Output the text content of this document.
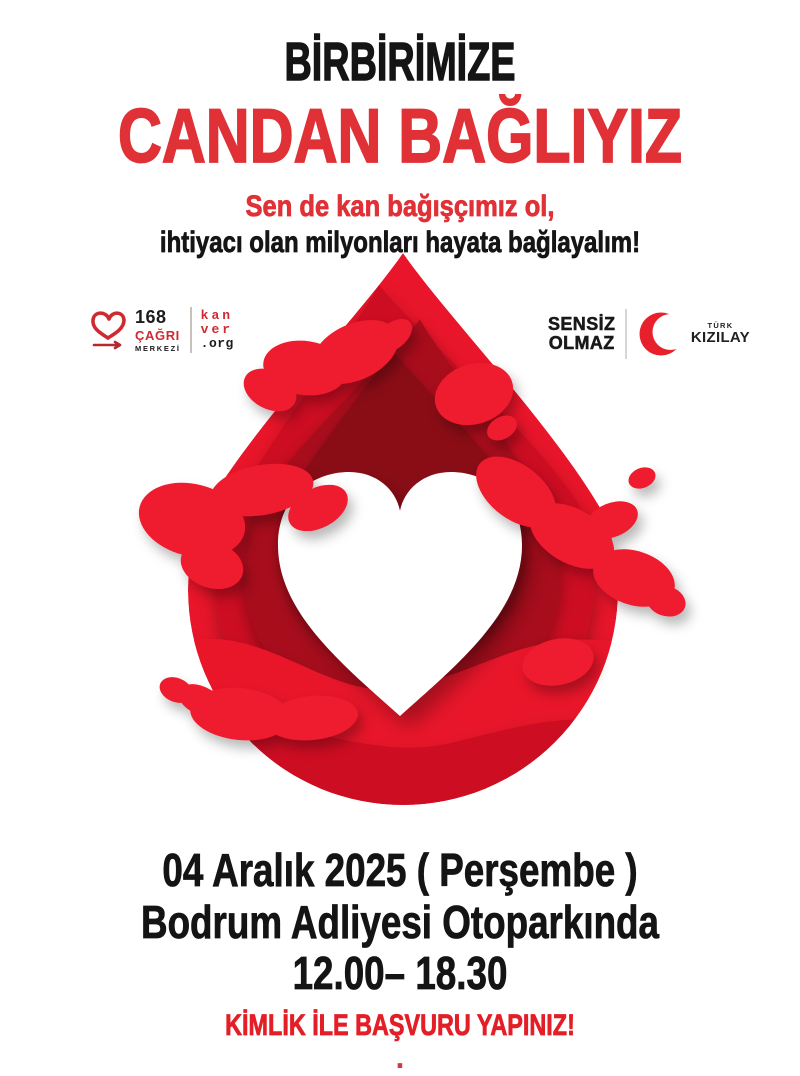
BİRBİRİMİZE
CANDAN BAĞLIYIZ
Sen de kan bağışçımız ol,
ihtiyacı olan milyonları hayata bağlayalım!
168
ÇAĞRI
MERKEZİ
kan
ver
.org
SENSİZ
OLMAZ
TÜRK
KIZILAY
04 Aralık 2025 ( Perşembe )
Bodrum Adliyesi Otoparkında
12.00– 18.30
KİMLİK İLE BAŞVURU YAPINIZ!
.
